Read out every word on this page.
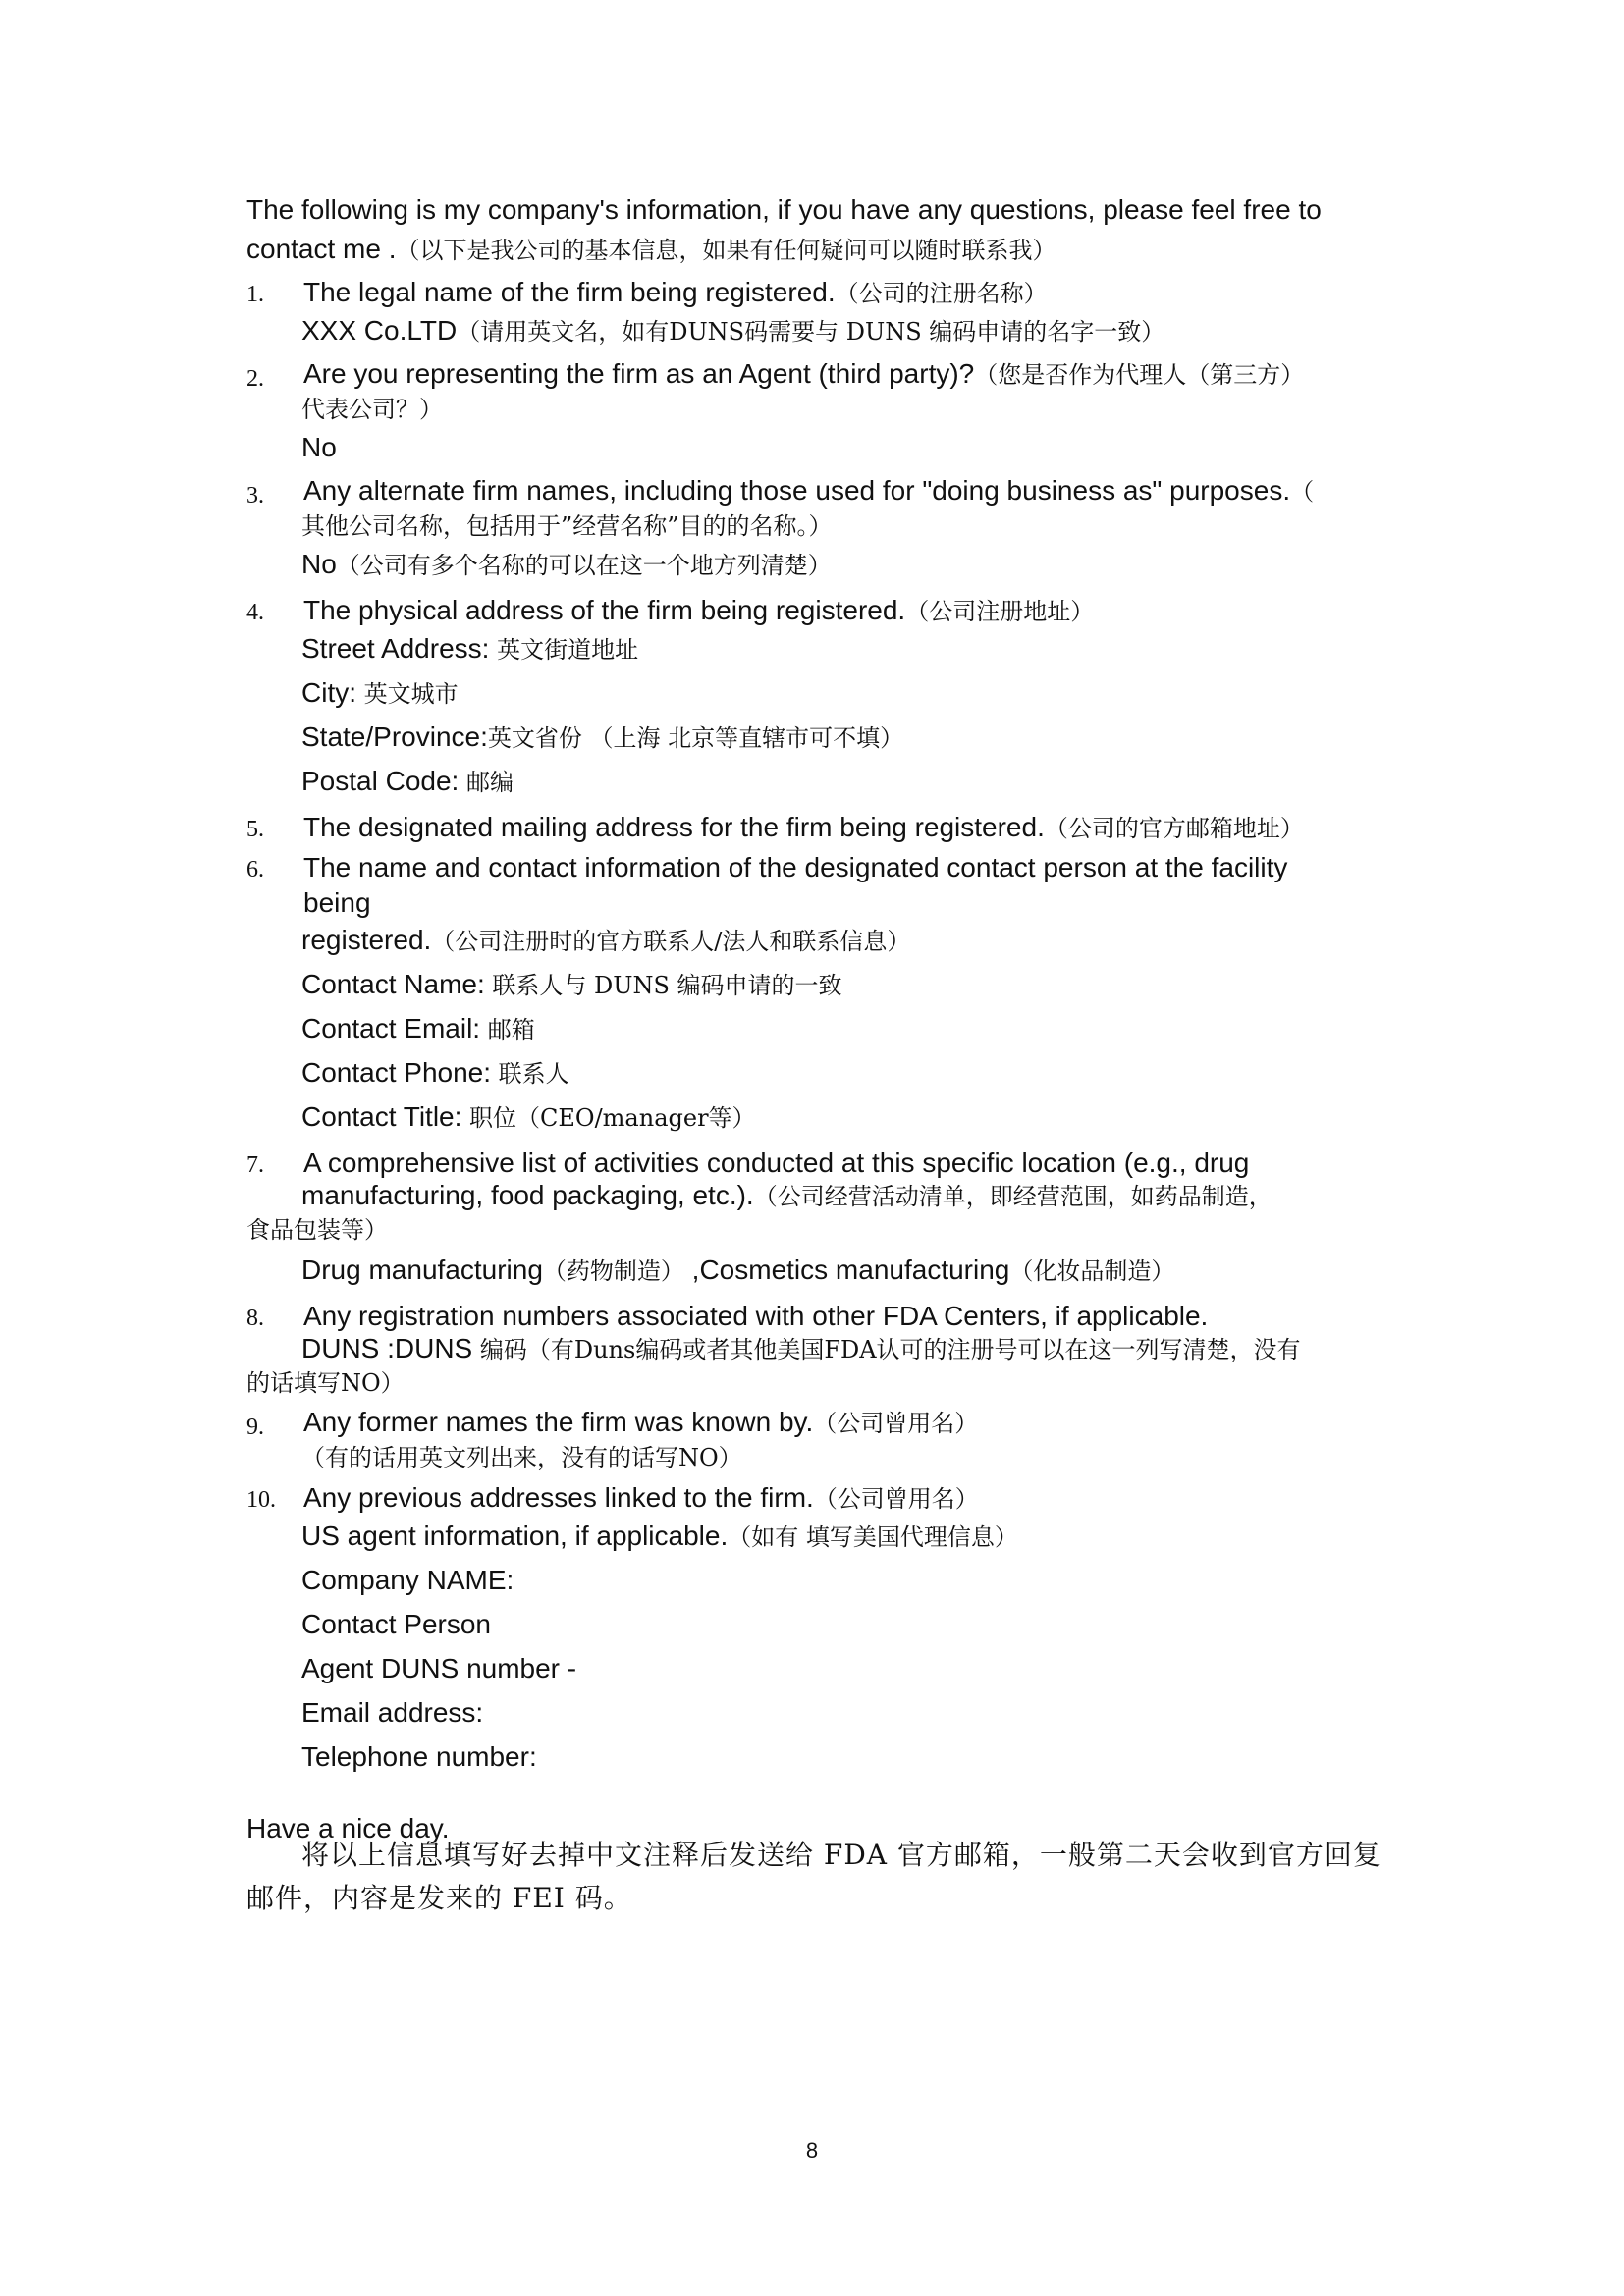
The following is my company's information, if you have any questions, please feel free to contact me .（以下是我公司的基本信息，如果有任何疑问可以随时联系我）
1.	The legal name of the firm being registered.（公司的注册名称）
XXX Co.LTD（请用英文名，如有DUNS码需要与 DUNS 编码申请的名字一致）
2.	Are you representing the firm as an Agent (third party)?（您是否作为代理人（第三方）
代表公司？）
No
3.	Any alternate firm names, including those used for "doing business as" purposes.（
其他公司名称，包括用于”经营名称”目的的名称。）
No（公司有多个名称的可以在这一个地方列清楚）
4.	The physical address of the firm being registered.（公司注册地址）
Street Address: 英文街道地址
City: 英文城市
State/Province:英文省份 （上海 北京等直辖市可不填）
Postal Code: 邮编
5.	The designated mailing address for the firm being registered.（公司的官方邮箱地址）
6.	The name and contact information of the designated contact person at the facility
being
registered.（公司注册时的官方联系人/法人和联系信息）
Contact Name: 联系人与 DUNS 编码申请的一致
Contact Email: 邮箱
Contact Phone: 联系人
Contact Title: 职位（CEO/manager等）
7.	A comprehensive list of activities conducted at this specific location (e.g., drug
manufacturing, food packaging, etc.).（公司经营活动清单，即经营范围，如药品制造，
食品包装等）
Drug manufacturing（药物制造） ,Cosmetics manufacturing（化妆品制造）
8.	Any registration numbers associated with other FDA Centers, if applicable.
DUNS :DUNS 编码（有Duns编码或者其他美国FDA认可的注册号可以在这一列写清楚，没有
的话填写NO）
9.	Any former names the firm was known by.（公司曾用名）
（有的话用英文列出来，没有的话写NO）
10.	Any previous addresses linked to the firm.（公司曾用名）
US agent information, if applicable.（如有 填写美国代理信息）
Company NAME:
Contact Person
Agent DUNS number -
Email address:
Telephone number:
Have a nice day.
将以上信息填写好去掉中文注释后发送给 FDA 官方邮箱，一般第二天会收到官方回复邮件，内容是发来的 FEI 码。
8
